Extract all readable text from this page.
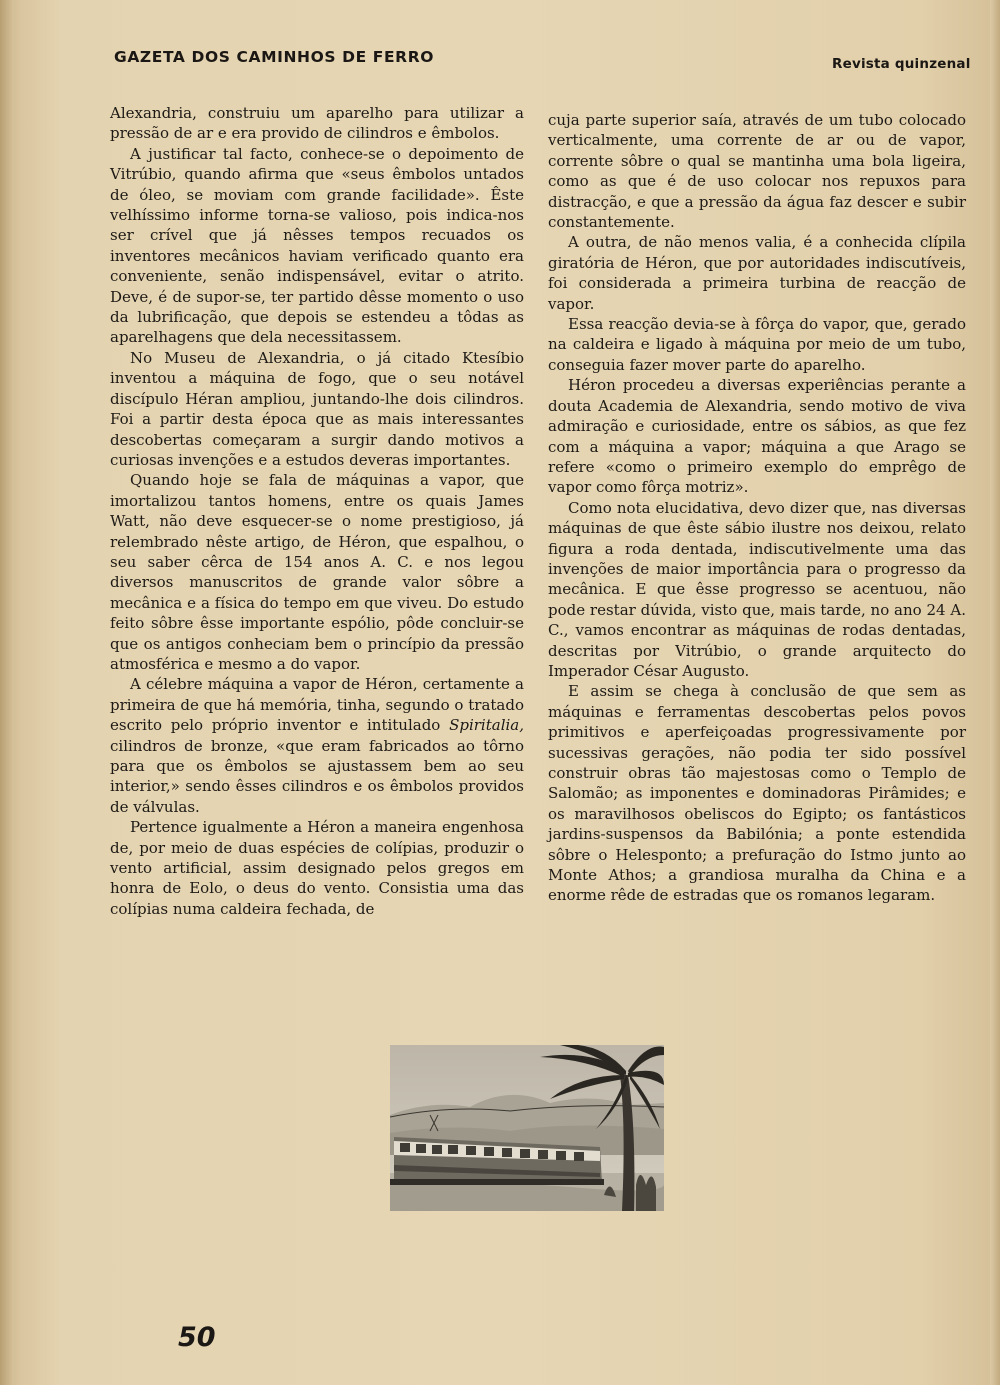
GAZETA DOS CAMINHOS DE FERRO	Revista quinzenal

Alexandria, construiu um aparelho para utilizar a pressão de ar e era provido de cilindros e êmbolos.

A justificar tal facto, conhece-se o depoimento de Vitrúbio, quando afirma que «seus êmbolos untados de óleo, se moviam com grande facilidade». Êste velhíssimo informe torna-se valioso, pois indica-nos ser crível que já nêsses tempos recuados os inventores mecânicos haviam verificado quanto era conveniente, senão indispensável, evitar o atrito. Deve, é de supor-se, ter partido dêsse momento o uso da lubrificação, que depois se estendeu a tôdas as aparelhagens que dela necessitassem.

No Museu de Alexandria, o já citado Ktesíbio inventou a máquina de fogo, que o seu notável discípulo Héran ampliou, juntando-lhe dois cilindros. Foi a partir desta época que as mais interessantes descobertas começaram a surgir dando motivos a curiosas invenções e a estudos deveras importantes.

Quando hoje se fala de máquinas a vapor, que imortalizou tantos homens, entre os quais James Watt, não deve esquecer-se o nome prestigioso, já relembrado nêste artigo, de Héron, que espalhou, o seu saber cêrca de 154 anos A. C. e nos legou diversos manuscritos de grande valor sôbre a mecânica e a física do tempo em que viveu. Do estudo feito sôbre êsse importante espólio, pôde concluir-se que os antigos conheciam bem o princípio da pressão atmosférica e mesmo a do vapor.

A célebre máquina a vapor de Héron, certamente a primeira de que há memória, tinha, segundo o tratado escrito pelo próprio inventor e intitulado Spiritalia, cilindros de bronze, «que eram fabricados ao tôrno para que os êmbolos se ajustassem bem ao seu interior,» sendo êsses cilindros e os êmbolos providos de válvulas.

Pertence igualmente a Héron a maneira engenhosa de, por meio de duas espécies de colípias, produzir o vento artificial, assim designado pelos gregos em honra de Eolo, o deus do vento. Consistia uma das colípias numa caldeira fechada, de

cuja parte superior saía, através de um tubo colocado verticalmente, uma corrente de ar ou de vapor, corrente sôbre o qual se mantinha uma bola ligeira, como as que é de uso colocar nos repuxos para distracção, e que a pressão da água faz descer e subir constantemente.

A outra, de não menos valia, é a conhecida clípila giratória de Héron, que por autoridades indiscutíveis, foi considerada a primeira turbina de reacção de vapor.

Essa reacção devia-se à fôrça do vapor, que, gerado na caldeira e ligado à máquina por meio de um tubo, conseguia fazer mover parte do aparelho.

Héron procedeu a diversas experiências perante a douta Academia de Alexandria, sendo motivo de viva admiração e curiosidade, entre os sábios, as que fez com a máquina a vapor; máquina a que Arago se refere «como o primeiro exemplo do emprêgo de vapor como fôrça motriz».

Como nota elucidativa, devo dizer que, nas diversas máquinas de que êste sábio ilustre nos deixou, relato figura a roda dentada, indiscutivelmente uma das invenções de maior importância para o progresso da mecânica. E que êsse progresso se acentuou, não pode restar dúvida, visto que, mais tarde, no ano 24 A. C., vamos encontrar as máquinas de rodas dentadas, descritas por Vitrúbio, o grande arquitecto do Imperador César Augusto.

E assim se chega à conclusão de que sem as máquinas e ferramentas descobertas pelos povos primitivos e aperfeiçoadas progressivamente por sucessivas gerações, não podia ter sido possível construir obras tão majestosas como o Templo de Salomão; as imponentes e dominadoras Pirâmides; e os maravilhosos obeliscos do Egipto; os fantásticos jardins-suspensos da Babilónia; a ponte estendida sôbre o Helesponto; a prefuração do Istmo junto ao Monte Athos; a grandiosa muralha da China e a enorme rêde de estradas que os romanos legaram.

50
